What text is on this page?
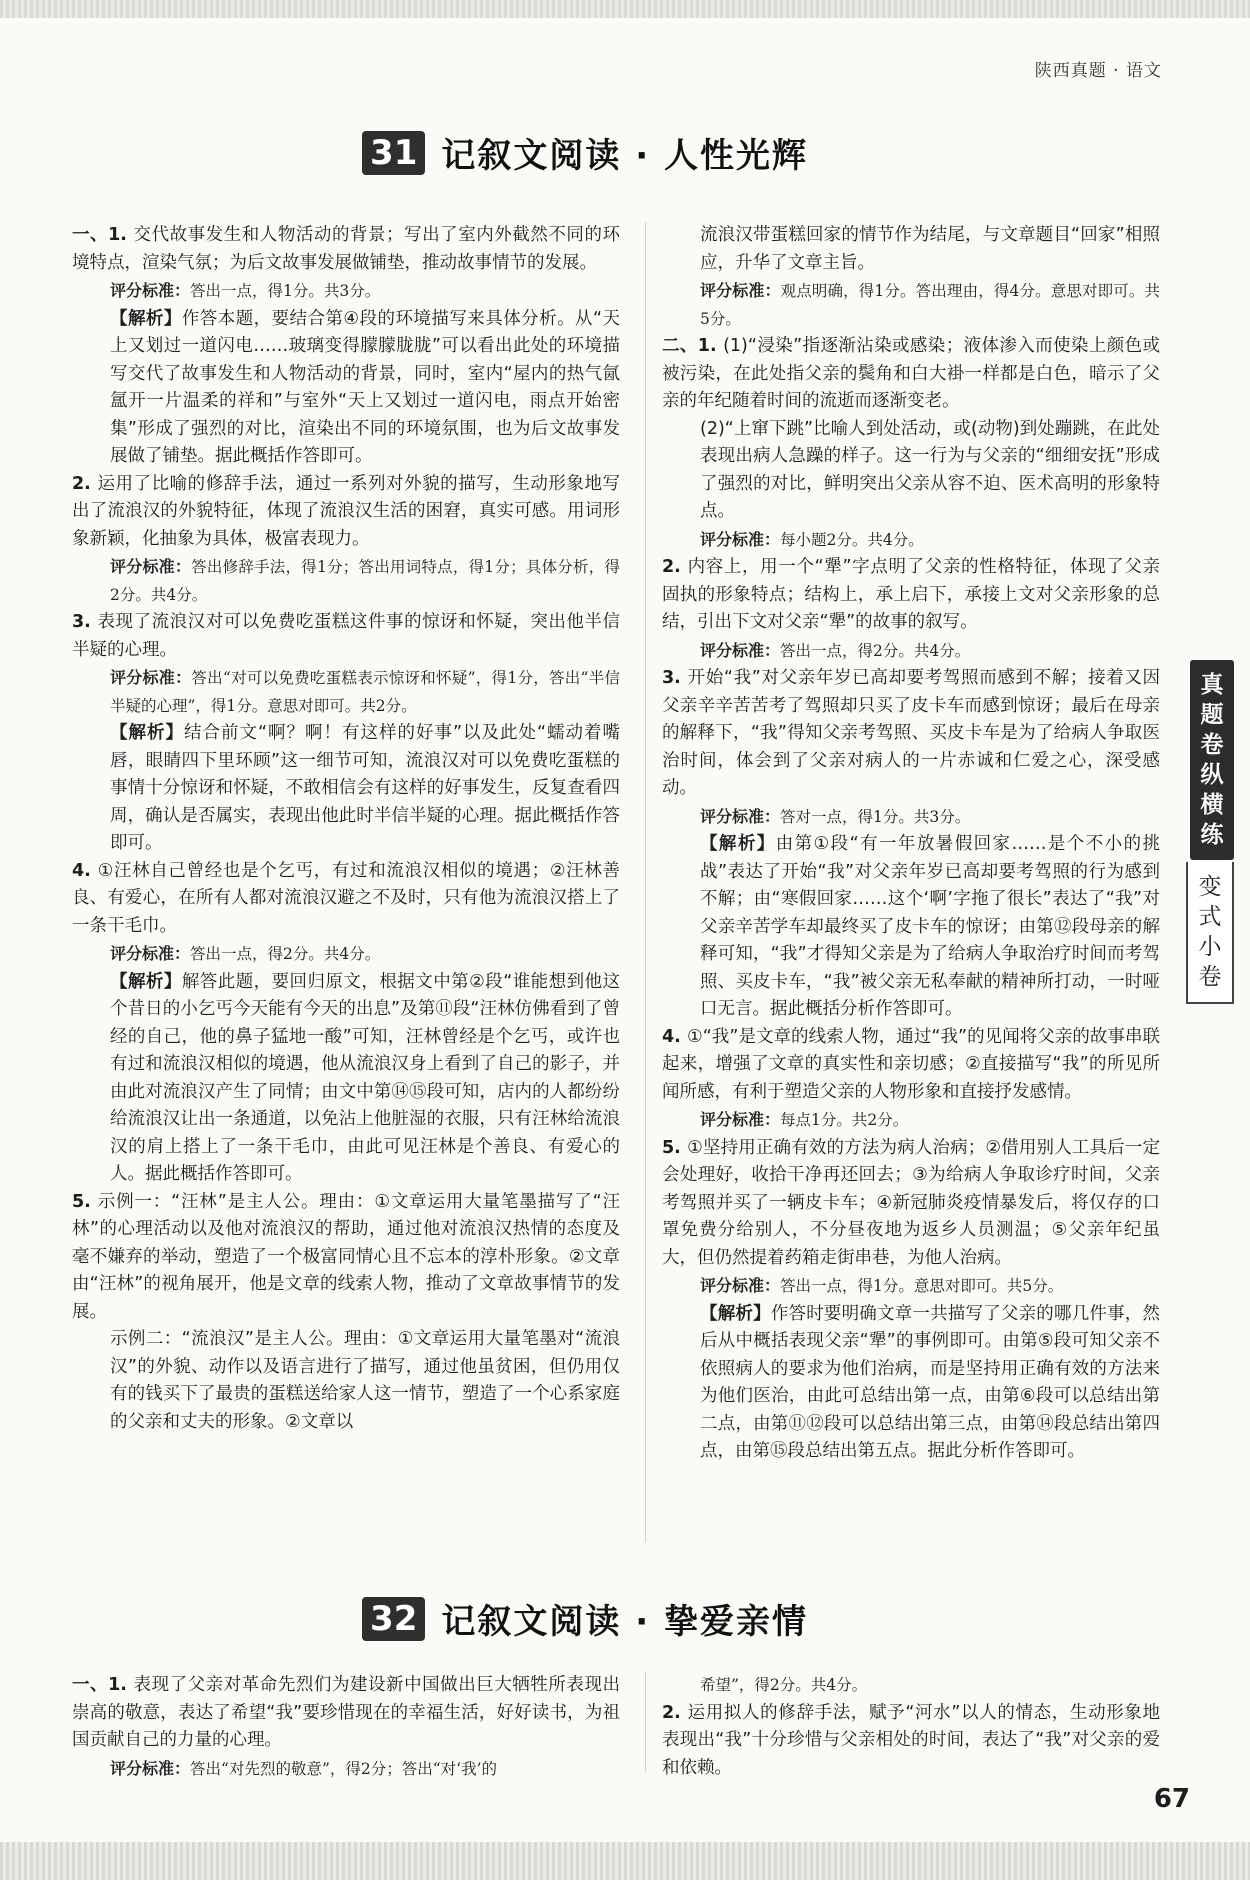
陕西真题 · 语文
31 记叙文阅读 · 人性光辉

一、1. 交代故事发生和人物活动的背景；写出了室内外截然不同的环境特点，渲染气氛；为后文故事发展做铺垫，推动故事情节的发展。

评分标准：答出一点，得1分。共3分。

【解析】作答本题，要结合第④段的环境描写来具体分析。从“天上又划过一道闪电……玻璃变得朦朦胧胧”可以看出此处的环境描写交代了故事发生和人物活动的背景，同时，室内“屋内的热气氤氲开一片温柔的祥和”与室外“天上又划过一道闪电，雨点开始密集”形成了强烈的对比，渲染出不同的环境氛围，也为后文故事发展做了铺垫。据此概括作答即可。

2. 运用了比喻的修辞手法，通过一系列对外貌的描写，生动形象地写出了流浪汉的外貌特征，体现了流浪汉生活的困窘，真实可感。用词形象新颖，化抽象为具体，极富表现力。

评分标准：答出修辞手法，得1分；答出用词特点，得1分；具体分析，得2分。共4分。

3. 表现了流浪汉对可以免费吃蛋糕这件事的惊讶和怀疑，突出他半信半疑的心理。

评分标准：答出“对可以免费吃蛋糕表示惊讶和怀疑”，得1分，答出“半信半疑的心理”，得1分。意思对即可。共2分。

【解析】结合前文“啊？啊！有这样的好事”以及此处“蠕动着嘴唇，眼睛四下里环顾”这一细节可知，流浪汉对可以免费吃蛋糕的事情十分惊讶和怀疑，不敢相信会有这样的好事发生，反复查看四周，确认是否属实，表现出他此时半信半疑的心理。据此概括作答即可。

4. ①汪林自己曾经也是个乞丐，有过和流浪汉相似的境遇；②汪林善良、有爱心，在所有人都对流浪汉避之不及时，只有他为流浪汉搭上了一条干毛巾。

评分标准：答出一点，得2分。共4分。

【解析】解答此题，要回归原文，根据文中第②段“谁能想到他这个昔日的小乞丐今天能有今天的出息”及第⑪段“汪林仿佛看到了曾经的自己，他的鼻子猛地一酸”可知，汪林曾经是个乞丐，或许也有过和流浪汉相似的境遇，他从流浪汉身上看到了自己的影子，并由此对流浪汉产生了同情；由文中第⑭⑮段可知，店内的人都纷纷给流浪汉让出一条通道，以免沾上他脏湿的衣服，只有汪林给流浪汉的肩上搭上了一条干毛巾，由此可见汪林是个善良、有爱心的人。据此概括作答即可。

5. 示例一：“汪林”是主人公。理由：①文章运用大量笔墨描写了“汪林”的心理活动以及他对流浪汉的帮助，通过他对流浪汉热情的态度及毫不嫌弃的举动，塑造了一个极富同情心且不忘本的淳朴形象。②文章由“汪林”的视角展开，他是文章的线索人物，推动了文章故事情节的发展。

示例二：“流浪汉”是主人公。理由：①文章运用大量笔墨对“流浪汉”的外貌、动作以及语言进行了描写，通过他虽贫困，但仍用仅有的钱买下了最贵的蛋糕送给家人这一情节，塑造了一个心系家庭的父亲和丈夫的形象。②文章以

流浪汉带蛋糕回家的情节作为结尾，与文章题目“回家”相照应，升华了文章主旨。

评分标准：观点明确，得1分。答出理由，得4分。意思对即可。共5分。

二、1. (1)“浸染”指逐渐沾染或感染；液体渗入而使染上颜色或被污染，在此处指父亲的鬓角和白大褂一样都是白色，暗示了父亲的年纪随着时间的流逝而逐渐变老。

(2)“上窜下跳”比喻人到处活动，或(动物)到处蹦跳，在此处表现出病人急躁的样子。这一行为与父亲的“细细安抚”形成了强烈的对比，鲜明突出父亲从容不迫、医术高明的形象特点。

评分标准：每小题2分。共4分。

2. 内容上，用一个“犟”字点明了父亲的性格特征，体现了父亲固执的形象特点；结构上，承上启下，承接上文对父亲形象的总结，引出下文对父亲“犟”的故事的叙写。

评分标准：答出一点，得2分。共4分。

3. 开始“我”对父亲年岁已高却要考驾照而感到不解；接着又因父亲辛辛苦苦考了驾照却只买了皮卡车而感到惊讶；最后在母亲的解释下，“我”得知父亲考驾照、买皮卡车是为了给病人争取医治时间，体会到了父亲对病人的一片赤诚和仁爱之心，深受感动。

评分标准：答对一点，得1分。共3分。

【解析】由第①段“有一年放暑假回家……是个不小的挑战”表达了开始“我”对父亲年岁已高却要考驾照的行为感到不解；由“寒假回家……这个‘啊’字拖了很长”表达了“我”对父亲辛苦学车却最终买了皮卡车的惊讶；由第⑫段母亲的解释可知，“我”才得知父亲是为了给病人争取治疗时间而考驾照、买皮卡车，“我”被父亲无私奉献的精神所打动，一时哑口无言。据此概括分析作答即可。

4. ①“我”是文章的线索人物，通过“我”的见闻将父亲的故事串联起来，增强了文章的真实性和亲切感；②直接描写“我”的所见所闻所感，有利于塑造父亲的人物形象和直接抒发感情。

评分标准：每点1分。共2分。

5. ①坚持用正确有效的方法为病人治病；②借用别人工具后一定会处理好，收拾干净再还回去；③为给病人争取诊疗时间，父亲考驾照并买了一辆皮卡车；④新冠肺炎疫情暴发后，将仅存的口罩免费分给别人，不分昼夜地为返乡人员测温；⑤父亲年纪虽大，但仍然提着药箱走街串巷，为他人治病。

评分标准：答出一点，得1分。意思对即可。共5分。

【解析】作答时要明确文章一共描写了父亲的哪几件事，然后从中概括表现父亲“犟”的事例即可。由第⑤段可知父亲不依照病人的要求为他们治病，而是坚持用正确有效的方法来为他们医治，由此可总结出第一点，由第⑥段可以总结出第二点，由第⑪⑫段可以总结出第三点，由第⑭段总结出第四点，由第⑮段总结出第五点。据此分析作答即可。

32 记叙文阅读 · 挚爱亲情

一、1. 表现了父亲对革命先烈们为建设新中国做出巨大牺牲所表现出崇高的敬意，表达了希望“我”要珍惜现在的幸福生活，好好读书，为祖国贡献自己的力量的心理。

评分标准：答出“对先烈的敬意”，得2分；答出“对‘我’的

希望”，得2分。共4分。

2. 运用拟人的修辞手法，赋予“河水”以人的情态，生动形象地表现出“我”十分珍惜与父亲相处的时间，表达了“我”对父亲的爱和依赖。

真
题
卷
纵
横
练
变
式
小
卷
67
